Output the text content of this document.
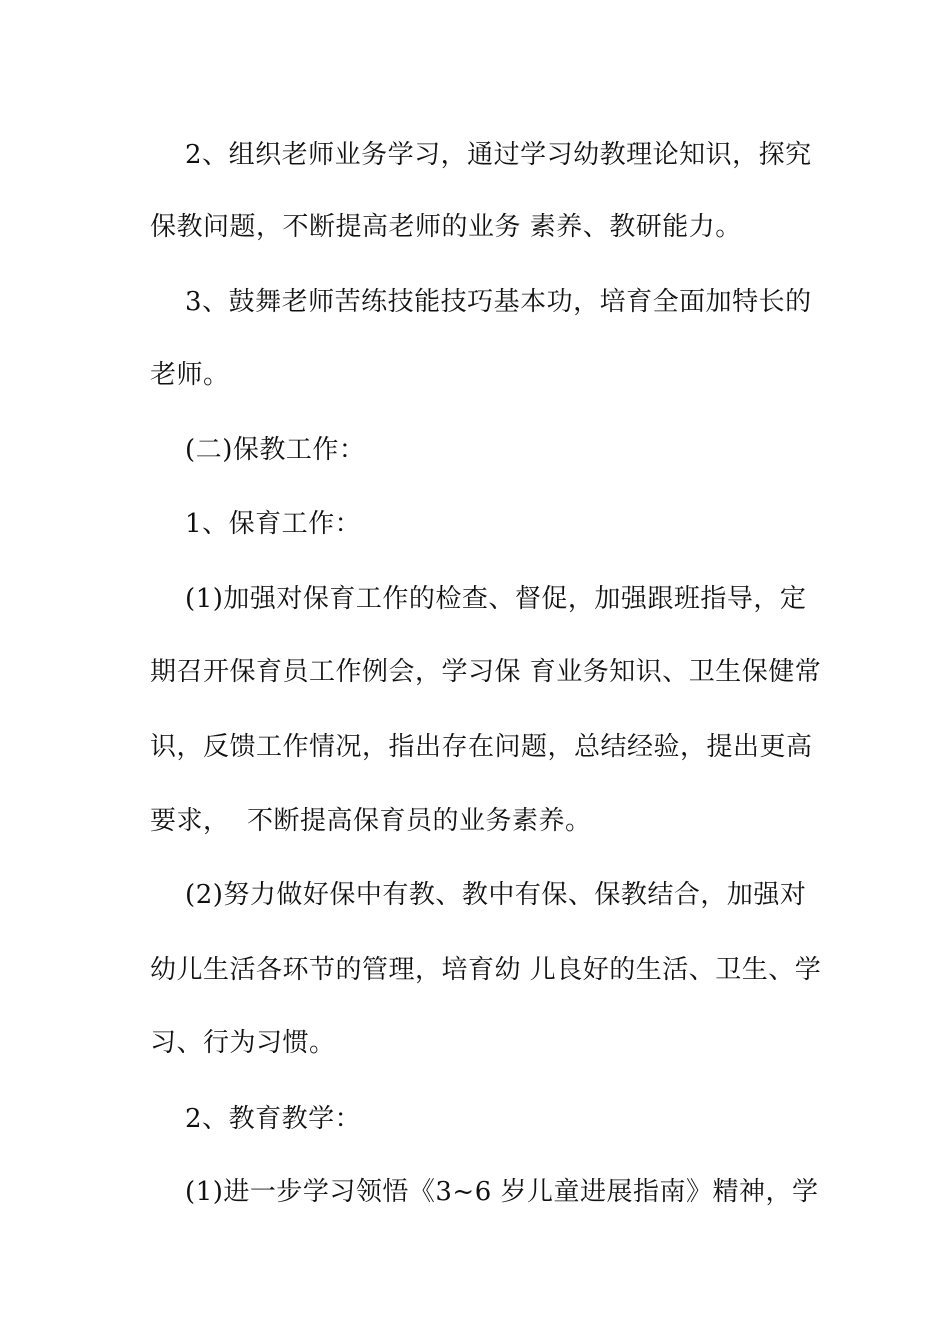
2、组织老师业务学习，通过学习幼教理论知识，探究
保教问题，不断提高老师的业务 素养、教研能力。
3、鼓舞老师苦练技能技巧基本功，培育全面加特长的
老师。
(二)保教工作：
1、保育工作：
(1)加强对保育工作的检查、督促，加强跟班指导，定
期召开保育员工作例会，学习保 育业务知识、卫生保健常
识，反馈工作情况，指出存在问题，总结经验，提出更高
要求，  不断提高保育员的业务素养。
(2)努力做好保中有教、教中有保、保教结合，加强对
幼儿生活各环节的管理，培育幼 儿良好的生活、卫生、学
习、行为习惯。
2、教育教学：
(1)进一步学习领悟《3~6 岁儿童进展指南》精神，学
